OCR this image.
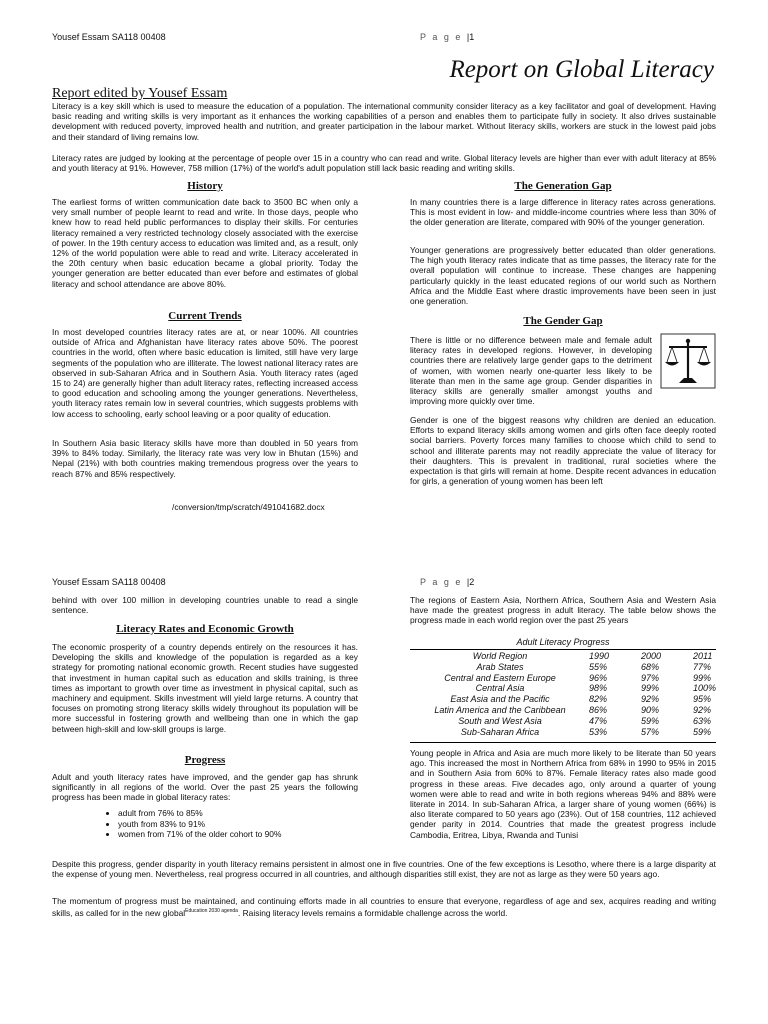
Yousef Essam SA118 00408	P a g e |1
Report on Global Literacy
Report edited by Yousef Essam

Literacy is a key skill which is used to measure the education of a population. The international community consider literacy as a key facilitator and goal of development. Having basic reading and writing skills is very important as it enhances the working capabilities of a person and enables them to participate fully in society. It also drives sustainable development with reduced poverty, improved health and nutrition, and greater participation in the labour market. Without literacy skills, workers are stuck in the lowest paid jobs and their standard of living remains low.

Literacy rates are judged by looking at the percentage of people over 15 in a country who can read and write. Global literacy levels are higher than ever with adult literacy at 85% and youth literacy at 91%. However, 758 million (17%) of the world's adult population still lack basic reading and writing skills.

History

The earliest forms of written communication date back to 3500 BC when only a very small number of people learnt to read and write. In those days, people who knew how to read held public performances to display their skills. For centuries literacy remained a very restricted technology closely associated with the exercise of power. In the 19th century access to education was limited and, as a result, only 12% of the world population were able to read and write. Literacy accelerated in the 20th century when basic education became a global priority. Today the younger generation are better educated than ever before and estimates of global literacy and school attendance are above 80%.

Current Trends

In most developed countries literacy rates are at, or near 100%. All countries outside of Africa and Afghanistan have literacy rates above 50%. The poorest countries in the world, often where basic education is limited, still have very large segments of the population who are illiterate. The lowest national literacy rates are observed in sub-Saharan Africa and in Southern Asia. Youth literacy rates (aged 15 to 24) are generally higher than adult literacy rates, reflecting increased access to good education and schooling among the younger generations. Nevertheless, youth literacy rates remain low in several countries, which suggests problems with low access to schooling, early school leaving or a poor quality of education.

In Southern Asia basic literacy skills have more than doubled in 50 years from 39% to 84% today. Similarly, the literacy rate was very low in Bhutan (15%) and Nepal (21%) with both countries making tremendous progress over the years to reach 87% and 85% respectively.

The Generation Gap

In many countries there is a large difference in literacy rates across generations. This is most evident in low- and middle-income countries where less than 30% of the older generation are literate, compared with 90% of the younger generation.

Younger generations are progressively better educated than older generations. The high youth literacy rates indicate that as time passes, the literacy rate for the overall population will continue to increase. These changes are happening particularly quickly in the least educated regions of our world such as Northern Africa and the Middle East where drastic improvements have been seen in just one generation.

The Gender Gap

There is little or no difference between male and female adult literacy rates in developed regions. However, in developing countries there are relatively large gender gaps to the detriment of women, with women nearly one-quarter less likely to be literate than men in the same age group. Gender disparities in literacy skills are generally smaller amongst youths and improving more quickly over time.

Gender is one of the biggest reasons why children are denied an education. Efforts to expand literacy skills among women and girls often face deeply rooted social barriers. Poverty forces many families to choose which child to send to school and illiterate parents may not readily appreciate the value of literacy for their daughters. This is prevalent in traditional, rural societies where the expectation is that girls will remain at home. Despite recent advances in education for girls, a generation of young women has been left

/conversion/tmp/scratch/491041682.docx
Yousef Essam SA118 00408	P a g e |2

behind with over 100 million in developing countries unable to read a single sentence.

Literacy Rates and Economic Growth

The economic prosperity of a country depends entirely on the resources it has. Developing the skills and knowledge of the population is regarded as a key strategy for promoting national economic growth. Recent studies have suggested that investment in human capital such as education and skills training, is three times as important to growth over time as investment in physical capital, such as machinery and equipment. Skills investment will yield large returns. A country that focuses on promoting strong literacy skills widely throughout its population will be more successful in fostering growth and wellbeing than one in which the gap between high-skill and low-skill groups is large.

Progress

Adult and youth literacy rates have improved, and the gender gap has shrunk significantly in all regions of the world. Over the past 25 years the following progress has been made in global literacy rates:

• adult from 76% to 85%
• youth from 83% to 91%
• women from 71% of the older cohort to 90%

The regions of Eastern Asia, Northern Africa, Southern Asia and Western Asia have made the greatest progress in adult literacy. The table below shows the progress made in each world region over the past 25 years

Adult Literacy Progress
World Region	1990	2000	2011
Arab States	55%	68%	77%
Central and Eastern Europe	96%	97%	99%
Central Asia	98%	99%	100%
East Asia and the Pacific	82%	92%	95%
Latin America and the Caribbean	86%	90%	92%
South and West Asia	47%	59%	63%
Sub-Saharan Africa	53%	57%	59%

Young people in Africa and Asia are much more likely to be literate than 50 years ago. This increased the most in Northern Africa from 68% in 1990 to 95% in 2015 and in Southern Asia from 60% to 87%. Female literacy rates also made good progress in these areas. Five decades ago, only around a quarter of young women were able to read and write in both regions whereas 94% and 88% were literate in 2014. In sub-Saharan Africa, a larger share of young women (66%) is also literate compared to 50 years ago (23%). Out of 158 countries, 112 achieved gender parity in 2014. Countries that made the greatest progress include Cambodia, Eritrea, Libya, Rwanda and Tunisi

Despite this progress, gender disparity in youth literacy remains persistent in almost one in five countries. One of the few exceptions is Lesotho, where there is a large disparity at the expense of young men. Nevertheless, real progress occurred in all countries, and although disparities still exist, they are not as large as they were 50 years ago.

The momentum of progress must be maintained, and continuing efforts made in all countries to ensure that everyone, regardless of age and sex, acquires reading and writing skills, as called for in the new global$^{Education 2030 agenda}$. Raising literacy levels remains a formidable challenge across the world.
